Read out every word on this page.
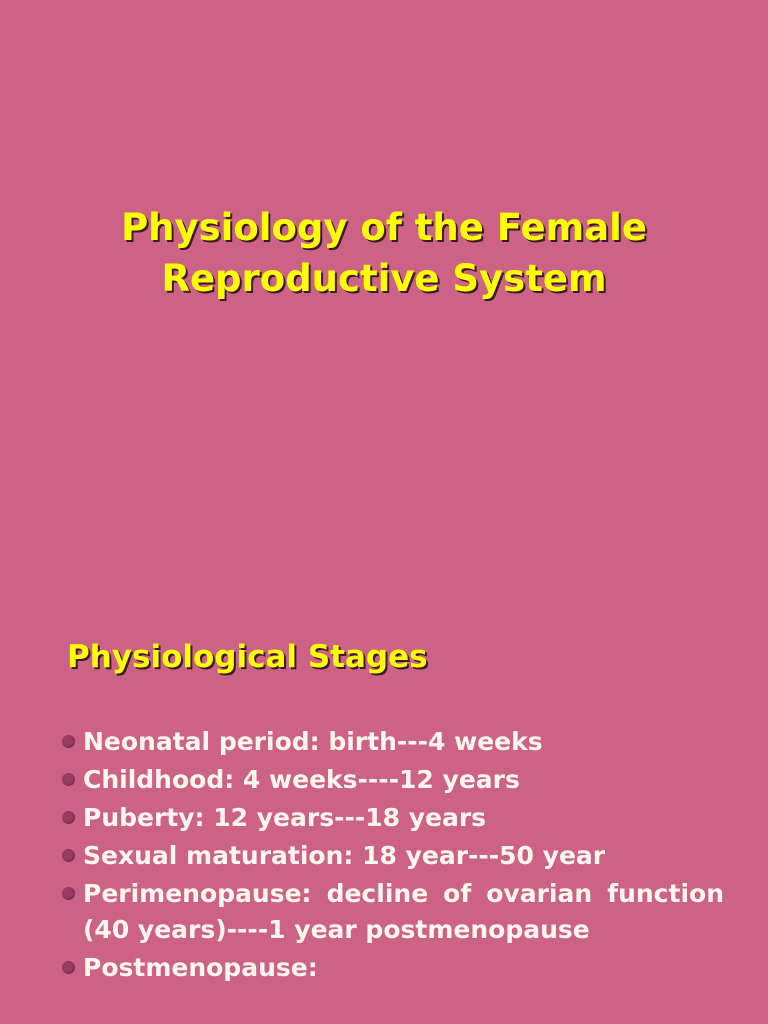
Physiology of the Female Reproductive System
Physiological Stages
Neonatal period: birth---4 weeks
Childhood: 4 weeks----12 years
Puberty: 12 years---18 years
Sexual maturation: 18 year---50 year
Perimenopause: decline of ovarian function (40 years)----1 year postmenopause
Postmenopause:
